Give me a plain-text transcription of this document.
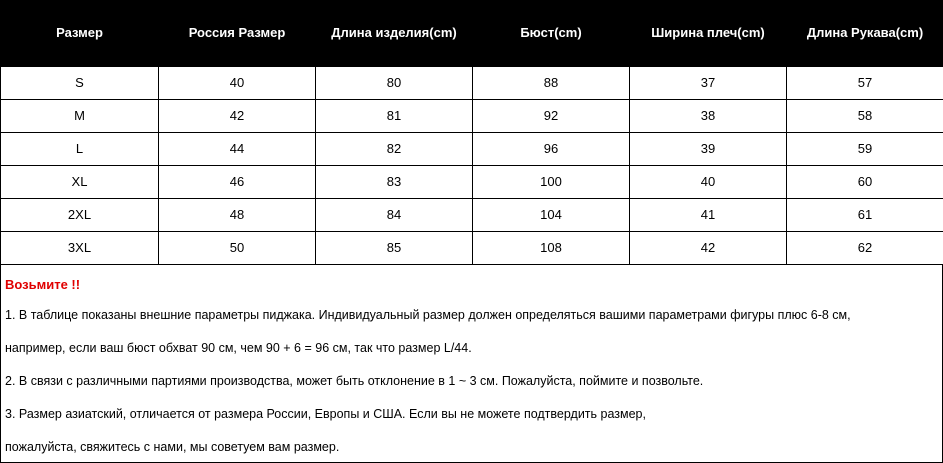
Размер	Россия Размер	Длина изделия(cm)	Бюст(cm)	Ширина плеч(cm)	Длина Рукава(cm)
S	40	80	88	37	57
M	42	81	92	38	58
L	44	82	96	39	59
XL	46	83	100	40	60
2XL	48	84	104	41	61
3XL	50	85	108	42	62
Возьмите !!
1. В таблице показаны внешние параметры пиджака. Индивидуальный размер должен определяться вашими параметрами фигуры плюс 6-8 см,
например, если ваш бюст обхват 90 см, чем 90 + 6 = 96 см, так что размер L/44.
2. В связи с различными партиями производства, может быть отклонение в 1 ~ 3 см. Пожалуйста, поймите и позвольте.
3. Размер азиатский, отличается от размера России, Европы и США. Если вы не можете подтвердить размер,
пожалуйста, свяжитесь с нами, мы советуем вам размер.
